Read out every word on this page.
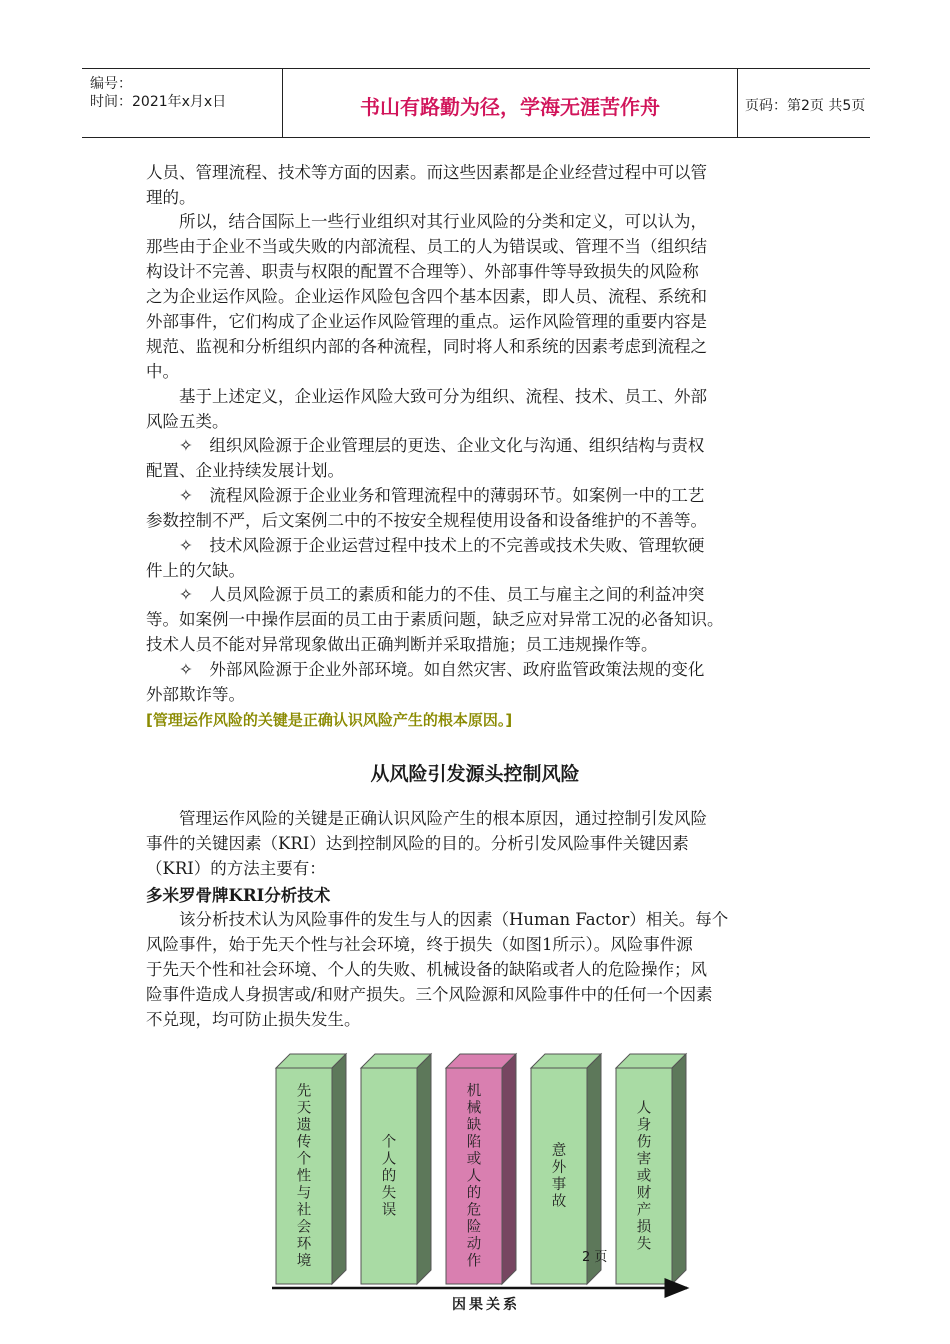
编号：
时间：2021年x月x日	书山有路勤为径，学海无涯苦作舟	页码：第2页 共5页
人员、管理流程、技术等方面的因素。而这些因素都是企业经营过程中可以管
理的。
　　所以，结合国际上一些行业组织对其行业风险的分类和定义，可以认为，
那些由于企业不当或失败的内部流程、员工的人为错误或、管理不当（组织结
构设计不完善、职责与权限的配置不合理等）、外部事件等导致损失的风险称
之为企业运作风险。企业运作风险包含四个基本因素，即人员、流程、系统和
外部事件，它们构成了企业运作风险管理的重点。运作风险管理的重要内容是
规范、监视和分析组织内部的各种流程，同时将人和系统的因素考虑到流程之
中。
　　基于上述定义，企业运作风险大致可分为组织、流程、技术、员工、外部
风险五类。
　　✧　组织风险源于企业管理层的更迭、企业文化与沟通、组织结构与责权
配置、企业持续发展计划。
　　✧　流程风险源于企业业务和管理流程中的薄弱环节。如案例一中的工艺
参数控制不严，后文案例二中的不按安全规程使用设备和设备维护的不善等。
　　✧　技术风险源于企业运营过程中技术上的不完善或技术失败、管理软硬
件上的欠缺。
　　✧　人员风险源于员工的素质和能力的不佳、员工与雇主之间的利益冲突
等。如案例一中操作层面的员工由于素质问题，缺乏应对异常工况的必备知识。
技术人员不能对异常现象做出正确判断并采取措施；员工违规操作等。
　　✧　外部风险源于企业外部环境。如自然灾害、政府监管政策法规的变化
外部欺诈等。
[管理运作风险的关键是正确认识风险产生的根本原因。]
从风险引发源头控制风险
　　管理运作风险的关键是正确认识风险产生的根本原因，通过控制引发风险
事件的关键因素（KRI）达到控制风险的目的。分析引发风险事件关键因素
（KRI）的方法主要有：
多米罗骨牌KRI分析技术
　　该分析技术认为风险事件的发生与人的因素（Human Factor）相关。每个
风险事件，始于先天个性与社会环境，终于损失（如图1所示）。风险事件源
于先天个性和社会环境、个人的失败、机械设备的缺陷或者人的危险操作；风
险事件造成人身损害或/和财产损失。三个风险源和风险事件中的任何一个因素
不兑现，均可防止损失发生。
先天遗传个性与社会环境
个人的失误
机械缺陷或人的危险动作
意外事故
人身伤害或财产损失
2 页
因果关系
